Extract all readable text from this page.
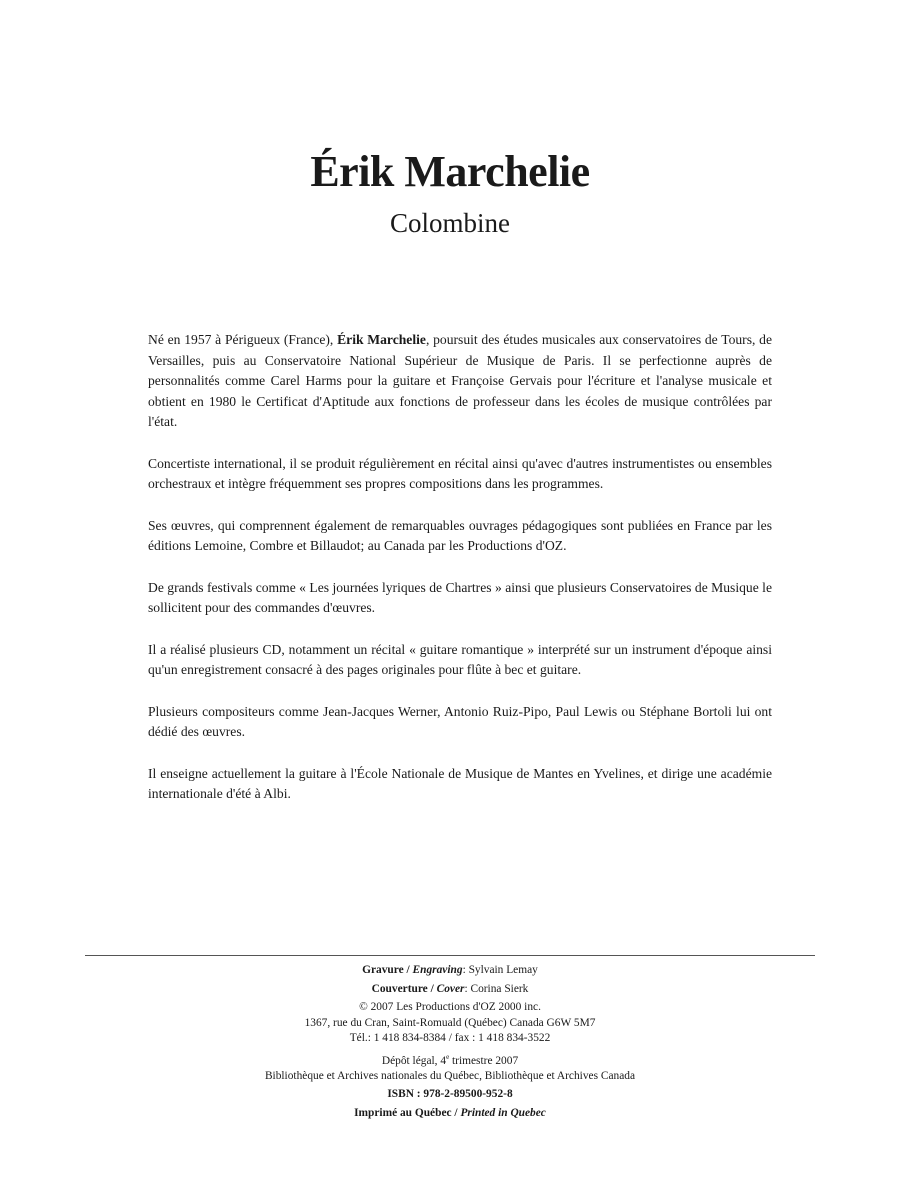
Érik Marchelie
Colombine

Né en 1957 à Périgueux (France), Érik Marchelie, poursuit des études musicales aux conservatoires de Tours, de Versailles, puis au Conservatoire National Supérieur de Musique de Paris. Il se perfectionne auprès de personnalités comme Carel Harms pour la guitare et Françoise Gervais pour l'écriture et l'analyse musicale et obtient en 1980 le Certificat d'Aptitude aux fonctions de professeur dans les écoles de musique contrôlées par l'état.

Concertiste international, il se produit régulièrement en récital ainsi qu'avec d'autres instrumentistes ou ensembles orchestraux et intègre fréquemment ses propres compositions dans les programmes.

Ses œuvres, qui comprennent également de remarquables ouvrages pédagogiques sont publiées en France par les éditions Lemoine, Combre et Billaudot; au Canada par les Productions d'OZ.

De grands festivals comme « Les journées lyriques de Chartres » ainsi que plusieurs Conservatoires de Musique le sollicitent pour des commandes d'œuvres.

Il a réalisé plusieurs CD, notamment un récital « guitare romantique » interprété sur un instrument d'époque ainsi qu'un enregistrement consacré à des pages originales pour flûte à bec et guitare.

Plusieurs compositeurs comme Jean-Jacques Werner, Antonio Ruiz-Pipo, Paul Lewis ou Stéphane Bortoli lui ont dédié des œuvres.

Il enseigne actuellement la guitare à l'École Nationale de Musique de Mantes en Yvelines, et dirige une académie internationale d'été à Albi.

Gravure / Engraving: Sylvain Lemay
Couverture / Cover: Corina Sierk
© 2007 Les Productions d'OZ 2000 inc.
1367, rue du Cran, Saint-Romuald (Québec) Canada G6W 5M7
Tél.: 1 418 834-8384 / fax : 1 418 834-3522
Dépôt légal, 4e trimestre 2007
Bibliothèque et Archives nationales du Québec, Bibliothèque et Archives Canada
ISBN : 978-2-89500-952-8
Imprimé au Québec / Printed in Quebec
